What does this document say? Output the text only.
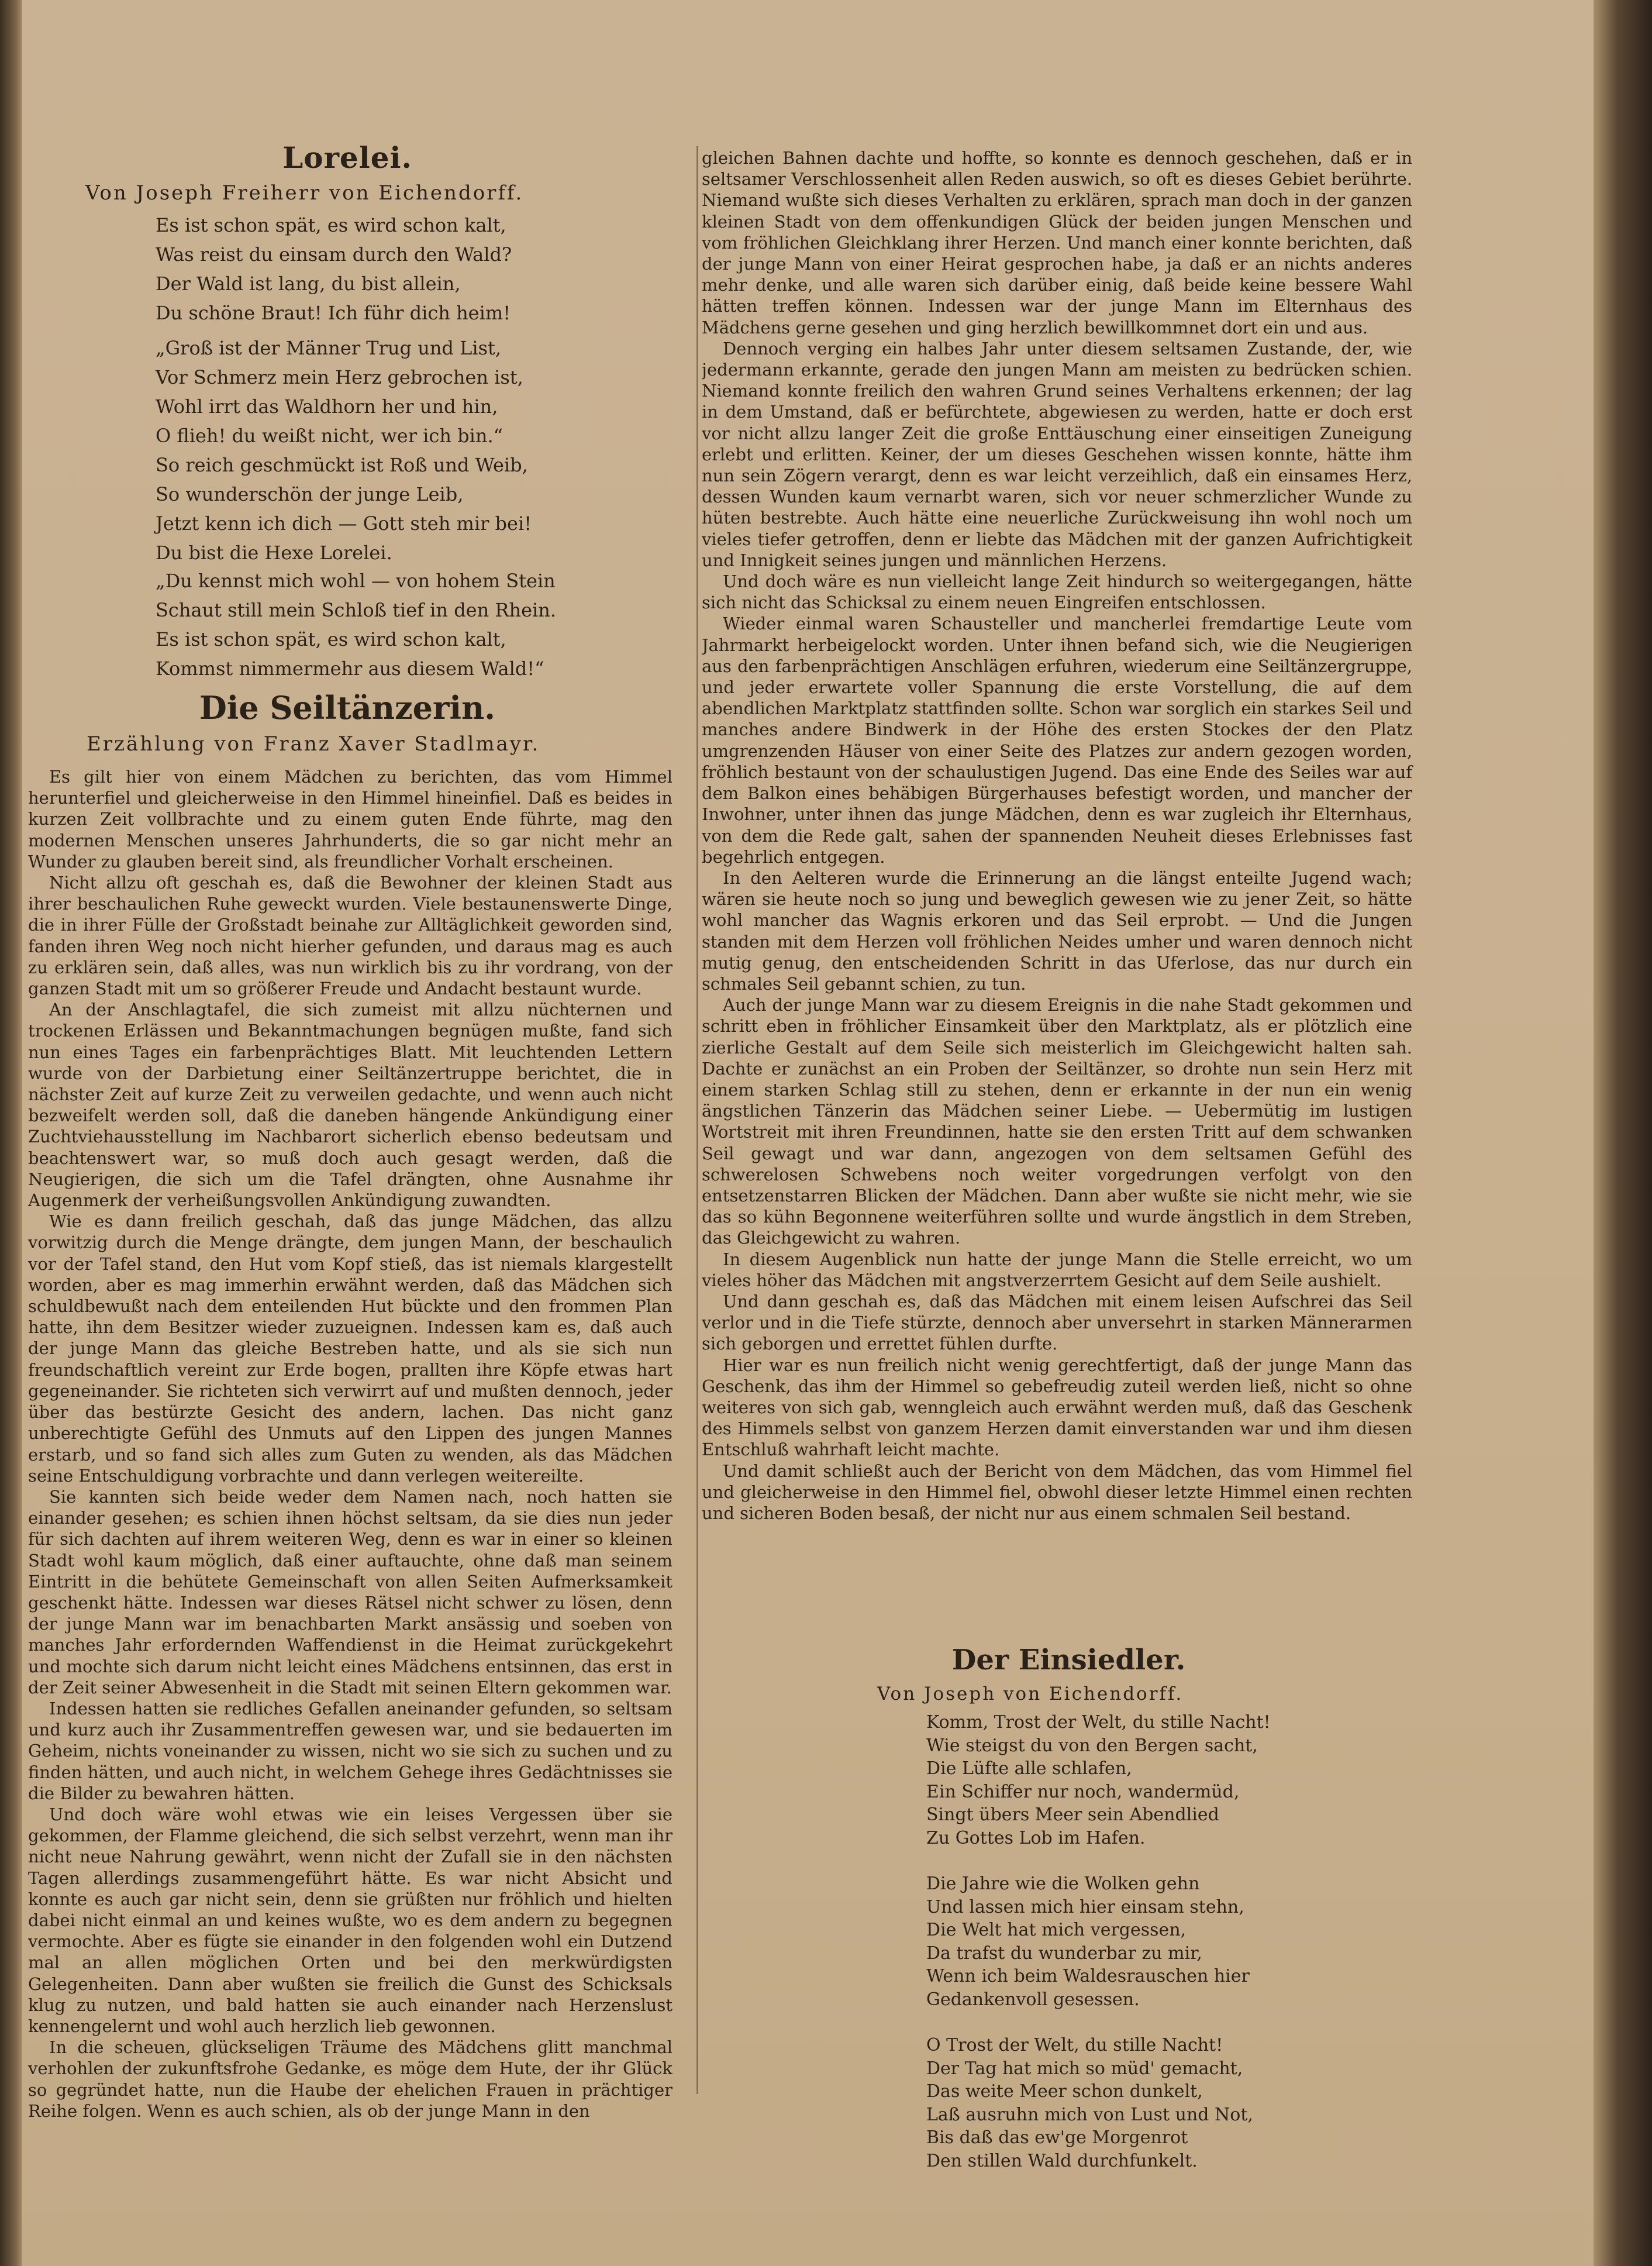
Lorelei.

Von Joseph Freiherr von Eichendorff.

Es ist schon spät, es wird schon kalt,

Was reist du einsam durch den Wald?

Der Wald ist lang, du bist allein,

Du schöne Braut! Ich führ dich heim!

„Groß ist der Männer Trug und List,

Vor Schmerz mein Herz gebrochen ist,

Wohl irrt das Waldhorn her und hin,

O flieh! du weißt nicht, wer ich bin.“

So reich geschmückt ist Roß und Weib,

So wunderschön der junge Leib,

Jetzt kenn ich dich — Gott steh mir bei!

Du bist die Hexe Lorelei.

„Du kennst mich wohl — von hohem Stein

Schaut still mein Schloß tief in den Rhein.

Es ist schon spät, es wird schon kalt,

Kommst nimmermehr aus diesem Wald!“

Die Seiltänzerin.

Erzählung von Franz Xaver Stadlmayr.

Es gilt hier von einem Mädchen zu berichten, das vom Himmel herunterfiel und gleicherweise in den Himmel hineinfiel. Daß es beides in kurzen Zeit vollbrachte und zu einem guten Ende führte, mag den modernen Menschen unseres Jahrhunderts, die so gar nicht mehr an Wunder zu glauben bereit sind, als freundlicher Vorhalt erscheinen.

Nicht allzu oft geschah es, daß die Bewohner der kleinen Stadt aus ihrer beschaulichen Ruhe geweckt wurden. Viele bestaunenswerte Dinge, die in ihrer Fülle der Großstadt beinahe zur Alltäglichkeit geworden sind, fanden ihren Weg noch nicht hierher gefunden, und daraus mag es auch zu erklären sein, daß alles, was nun wirklich bis zu ihr vordrang, von der ganzen Stadt mit um so größerer Freude und Andacht bestaunt wurde.

An der Anschlagtafel, die sich zumeist mit allzu nüchternen und trockenen Erlässen und Bekanntmachungen begnügen mußte, fand sich nun eines Tages ein farbenprächtiges Blatt. Mit leuchtenden Lettern wurde von der Darbietung einer Seiltänzertruppe berichtet, die in nächster Zeit auf kurze Zeit zu verweilen gedachte, und wenn auch nicht bezweifelt werden soll, daß die daneben hängende Ankündigung einer Zuchtviehausstellung im Nachbarort sicherlich ebenso bedeutsam und beachtenswert war, so muß doch auch gesagt werden, daß die Neugierigen, die sich um die Tafel drängten, ohne Ausnahme ihr Augenmerk der verheißungsvollen Ankündigung zuwandten.

Wie es dann freilich geschah, daß das junge Mädchen, das allzu vorwitzig durch die Menge drängte, dem jungen Mann, der beschaulich vor der Tafel stand, den Hut vom Kopf stieß, das ist niemals klargestellt worden, aber es mag immerhin erwähnt werden, daß das Mädchen sich schuldbewußt nach dem enteilenden Hut bückte und den frommen Plan hatte, ihn dem Besitzer wieder zuzueignen. Indessen kam es, daß auch der junge Mann das gleiche Bestreben hatte, und als sie sich nun freundschaftlich vereint zur Erde bogen, prallten ihre Köpfe etwas hart gegeneinander. Sie richteten sich verwirrt auf und mußten dennoch, jeder über das bestürzte Gesicht des andern, lachen. Das nicht ganz unberechtigte Gefühl des Unmuts auf den Lippen des jungen Mannes erstarb, und so fand sich alles zum Guten zu wenden, als das Mädchen seine Entschuldigung vorbrachte und dann verlegen weitereilte.

Sie kannten sich beide weder dem Namen nach, noch hatten sie einander gesehen; es schien ihnen höchst seltsam, da sie dies nun jeder für sich dachten auf ihrem weiteren Weg, denn es war in einer so kleinen Stadt wohl kaum möglich, daß einer auftauchte, ohne daß man seinem Eintritt in die behütete Gemeinschaft von allen Seiten Aufmerksamkeit geschenkt hätte. Indessen war dieses Rätsel nicht schwer zu lösen, denn der junge Mann war im benachbarten Markt ansässig und soeben von manches Jahr erfordernden Waffendienst in die Heimat zurückgekehrt und mochte sich darum nicht leicht eines Mädchens entsinnen, das erst in der Zeit seiner Abwesenheit in die Stadt mit seinen Eltern gekommen war.

Indessen hatten sie redliches Gefallen aneinander gefunden, so seltsam und kurz auch ihr Zusammentreffen gewesen war, und sie bedauerten im Geheim, nichts voneinander zu wissen, nicht wo sie sich zu suchen und zu finden hätten, und auch nicht, in welchem Gehege ihres Gedächtnisses sie die Bilder zu bewahren hätten.

Und doch wäre wohl etwas wie ein leises Vergessen über sie gekommen, der Flamme gleichend, die sich selbst verzehrt, wenn man ihr nicht neue Nahrung gewährt, wenn nicht der Zufall sie in den nächsten Tagen allerdings zusammengeführt hätte. Es war nicht Absicht und konnte es auch gar nicht sein, denn sie grüßten nur fröhlich und hielten dabei nicht einmal an und keines wußte, wo es dem andern zu begegnen vermochte. Aber es fügte sie einander in den folgenden wohl ein Dutzend mal an allen möglichen Orten und bei den merkwürdigsten Gelegenheiten. Dann aber wußten sie freilich die Gunst des Schicksals klug zu nutzen, und bald hatten sie auch einander nach Herzenslust kennengelernt und wohl auch herzlich lieb gewonnen.

In die scheuen, glückseligen Träume des Mädchens glitt manchmal verhohlen der zukunftsfrohe Gedanke, es möge dem Hute, der ihr Glück so gegründet hatte, nun die Haube der ehelichen Frauen in prächtiger Reihe folgen. Wenn es auch schien, als ob der junge Mann in den

gleichen Bahnen dachte und hoffte, so konnte es dennoch geschehen, daß er in seltsamer Verschlossenheit allen Reden auswich, so oft es dieses Gebiet berührte. Niemand wußte sich dieses Verhalten zu erklären, sprach man doch in der ganzen kleinen Stadt von dem offenkundigen Glück der beiden jungen Menschen und vom fröhlichen Gleichklang ihrer Herzen. Und manch einer konnte berichten, daß der junge Mann von einer Heirat gesprochen habe, ja daß er an nichts anderes mehr denke, und alle waren sich darüber einig, daß beide keine bessere Wahl hätten treffen können. Indessen war der junge Mann im Elternhaus des Mädchens gerne gesehen und ging herzlich bewillkommnet dort ein und aus.

Dennoch verging ein halbes Jahr unter diesem seltsamen Zustande, der, wie jedermann erkannte, gerade den jungen Mann am meisten zu bedrücken schien. Niemand konnte freilich den wahren Grund seines Verhaltens erkennen; der lag in dem Umstand, daß er befürchtete, abgewiesen zu werden, hatte er doch erst vor nicht allzu langer Zeit die große Enttäuschung einer einseitigen Zuneigung erlebt und erlitten. Keiner, der um dieses Geschehen wissen konnte, hätte ihm nun sein Zögern verargt, denn es war leicht verzeihlich, daß ein einsames Herz, dessen Wunden kaum vernarbt waren, sich vor neuer schmerzlicher Wunde zu hüten bestrebte. Auch hätte eine neuerliche Zurückweisung ihn wohl noch um vieles tiefer getroffen, denn er liebte das Mädchen mit der ganzen Aufrichtigkeit und Innigkeit seines jungen und männlichen Herzens.

Und doch wäre es nun vielleicht lange Zeit hindurch so weitergegangen, hätte sich nicht das Schicksal zu einem neuen Eingreifen entschlossen.

Wieder einmal waren Schausteller und mancherlei fremdartige Leute vom Jahrmarkt herbeigelockt worden. Unter ihnen befand sich, wie die Neugierigen aus den farbenprächtigen Anschlägen erfuhren, wiederum eine Seiltänzergruppe, und jeder erwartete voller Spannung die erste Vorstellung, die auf dem abendlichen Marktplatz stattfinden sollte. Schon war sorglich ein starkes Seil und manches andere Bindwerk in der Höhe des ersten Stockes der den Platz umgrenzenden Häuser von einer Seite des Platzes zur andern gezogen worden, fröhlich bestaunt von der schaulustigen Jugend. Das eine Ende des Seiles war auf dem Balkon eines behäbigen Bürgerhauses befestigt worden, und mancher der Inwohner, unter ihnen das junge Mädchen, denn es war zugleich ihr Elternhaus, von dem die Rede galt, sahen der spannenden Neuheit dieses Erlebnisses fast begehrlich entgegen.

In den Aelteren wurde die Erinnerung an die längst enteilte Jugend wach; wären sie heute noch so jung und beweglich gewesen wie zu jener Zeit, so hätte wohl mancher das Wagnis erkoren und das Seil erprobt. — Und die Jungen standen mit dem Herzen voll fröhlichen Neides umher und waren dennoch nicht mutig genug, den entscheidenden Schritt in das Uferlose, das nur durch ein schmales Seil gebannt schien, zu tun.

Auch der junge Mann war zu diesem Ereignis in die nahe Stadt gekommen und schritt eben in fröhlicher Einsamkeit über den Marktplatz, als er plötzlich eine zierliche Gestalt auf dem Seile sich meisterlich im Gleichgewicht halten sah. Dachte er zunächst an ein Proben der Seiltänzer, so drohte nun sein Herz mit einem starken Schlag still zu stehen, denn er erkannte in der nun ein wenig ängstlichen Tänzerin das Mädchen seiner Liebe. — Uebermütig im lustigen Wortstreit mit ihren Freundinnen, hatte sie den ersten Tritt auf dem schwanken Seil gewagt und war dann, angezogen von dem seltsamen Gefühl des schwerelosen Schwebens noch weiter vorgedrungen verfolgt von den entsetzenstarren Blicken der Mädchen. Dann aber wußte sie nicht mehr, wie sie das so kühn Begonnene weiterführen sollte und wurde ängstlich in dem Streben, das Gleichgewicht zu wahren.

In diesem Augenblick nun hatte der junge Mann die Stelle erreicht, wo um vieles höher das Mädchen mit angstverzerrtem Gesicht auf dem Seile aushielt.

Und dann geschah es, daß das Mädchen mit einem leisen Aufschrei das Seil verlor und in die Tiefe stürzte, dennoch aber unversehrt in starken Männerarmen sich geborgen und errettet fühlen durfte.

Hier war es nun freilich nicht wenig gerechtfertigt, daß der junge Mann das Geschenk, das ihm der Himmel so gebefreudig zuteil werden ließ, nicht so ohne weiteres von sich gab, wenngleich auch erwähnt werden muß, daß das Geschenk des Himmels selbst von ganzem Herzen damit einverstanden war und ihm diesen Entschluß wahrhaft leicht machte.

Und damit schließt auch der Bericht von dem Mädchen, das vom Himmel fiel und gleicherweise in den Himmel fiel, obwohl dieser letzte Himmel einen rechten und sicheren Boden besaß, der nicht nur aus einem schmalen Seil bestand.

Der Einsiedler.

Von Joseph von Eichendorff.

Komm, Trost der Welt, du stille Nacht!

Wie steigst du von den Bergen sacht,

Die Lüfte alle schlafen,

Ein Schiffer nur noch, wandermüd,

Singt übers Meer sein Abendlied

Zu Gottes Lob im Hafen.

Die Jahre wie die Wolken gehn

Und lassen mich hier einsam stehn,

Die Welt hat mich vergessen,

Da trafst du wunderbar zu mir,

Wenn ich beim Waldesrauschen hier

Gedankenvoll gesessen.

O Trost der Welt, du stille Nacht!

Der Tag hat mich so müd' gemacht,

Das weite Meer schon dunkelt,

Laß ausruhn mich von Lust und Not,

Bis daß das ew'ge Morgenrot

Den stillen Wald durchfunkelt.
